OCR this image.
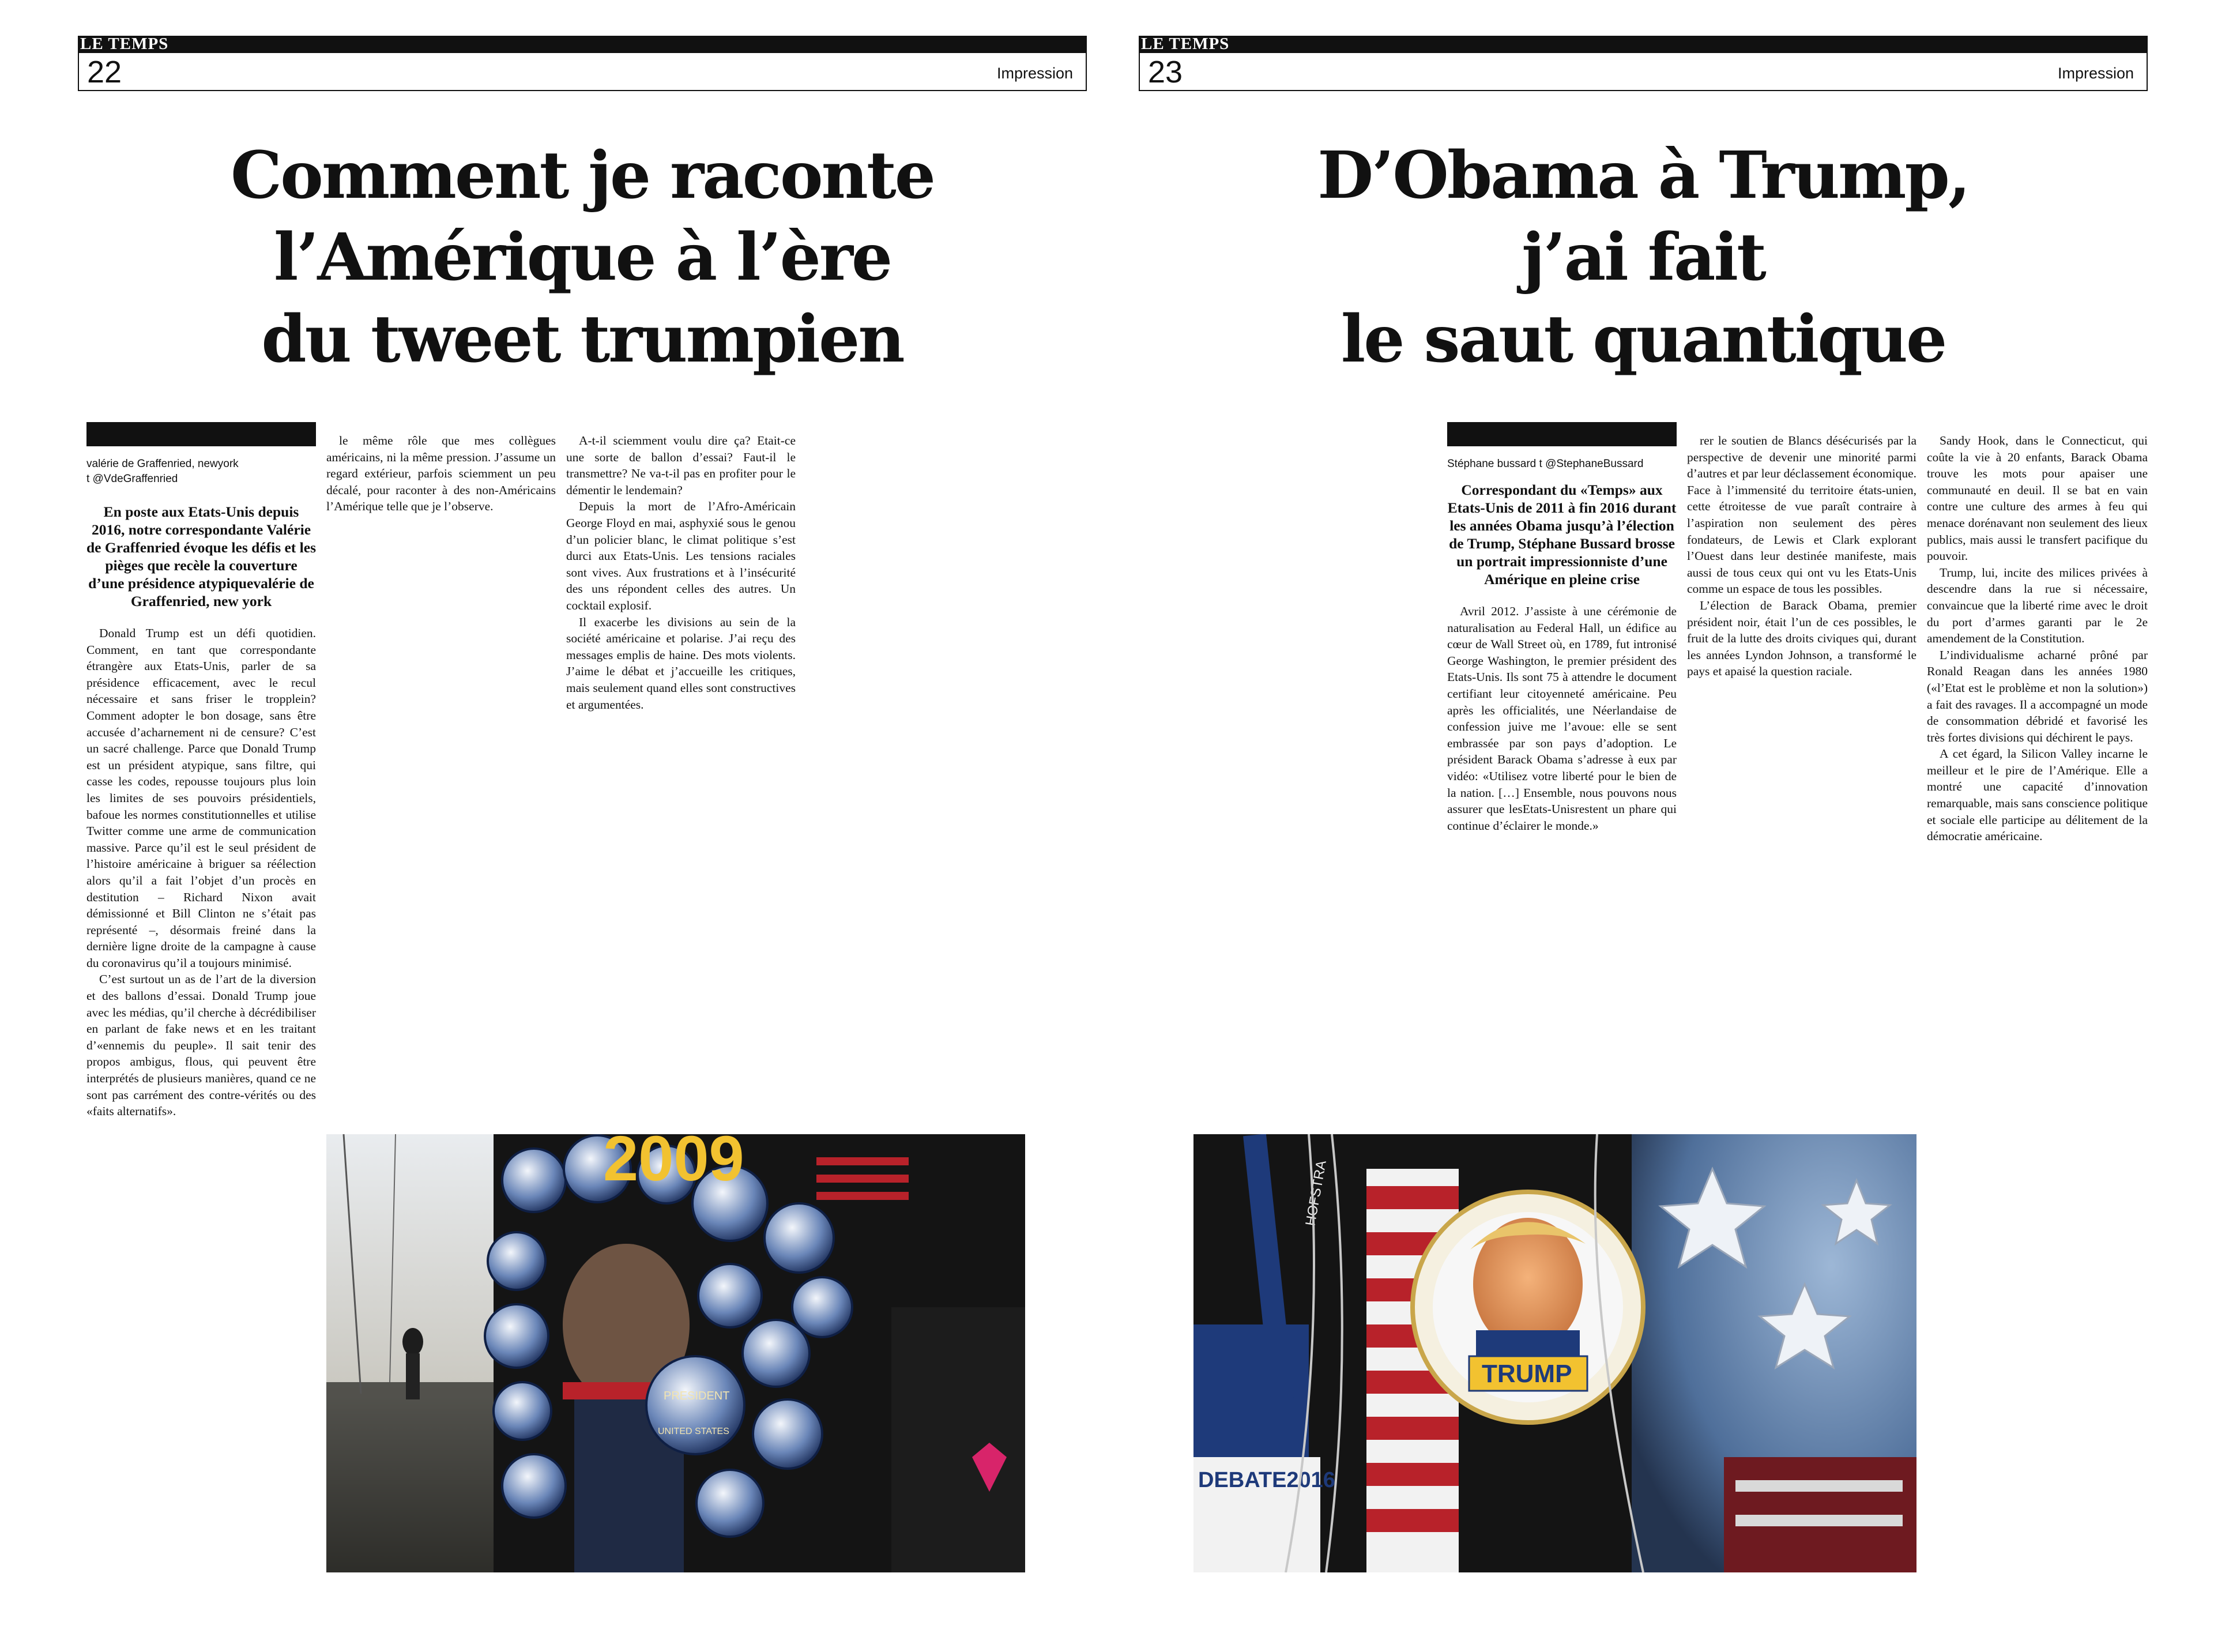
LE TEMPS
22	Impression
Comment je raconte
l’Amérique à l’ère
du tweet trumpien
valérie de Graffenried, newyork
t @VdeGraffenried
En poste aux Etats-Unis depuis 2016, notre correspondante Valérie de Graffenried évoque les défis et les pièges que recèle la couverture d’une présidence atypiquevalérie de Graffenried, new york

Donald Trump est un défi quotidien. Comment, en tant que correspondante étrangère aux Etats-Unis, parler de sa présidence efficacement, avec le recul nécessaire et sans friser le tropplein? Comment adopter le bon dosage, sans être accusée d’acharnement ni de censure? C’est un sacré challenge. Parce que Donald Trump est un président atypique, sans filtre, qui casse les codes, repousse toujours plus loin les limites de ses pouvoirs présidentiels, bafoue les normes constitutionnelles et utilise Twitter comme une arme de communication massive. Parce qu’il est le seul président de l’histoire américaine à briguer sa réélection alors qu’il a fait l’objet d’un procès en destitution – Richard Nixon avait démissionné et Bill Clinton ne s’était pas représenté –, désormais freiné dans la dernière ligne droite de la campagne à cause du coronavirus qu’il a toujours minimisé.

C’est surtout un as de l’art de la diversion et des ballons d’essai. Donald Trump joue avec les médias, qu’il cherche à décrédibiliser en parlant de fake news et en les traitant d’«ennemis du peuple». Il sait tenir des propos ambigus, flous, qui peuvent être interprétés de plusieurs manières, quand ce ne sont pas carrément des contre-vérités ou des «faits alternatifs».

le même rôle que mes collègues américains, ni la même pression. J’assume un regard extérieur, parfois sciemment un peu décalé, pour raconter à des non-Américains l’Amérique telle que je l’observe.

A-t-il sciemment voulu dire ça? Etait-ce une sorte de ballon d’essai? Faut-il le transmettre? Ne va-t-il pas en profiter pour le démentir le lendemain?

Depuis la mort de l’Afro-Américain George Floyd en mai, asphyxié sous le genou d’un policier blanc, le climat politique s’est durci aux Etats-Unis. Les tensions raciales sont vives. Aux frustrations et à l’insécurité des uns répondent celles des autres. Un cocktail explosif.

Il exacerbe les divisions au sein de la société américaine et polarise. J’ai reçu des messages emplis de haine. Des mots violents. J’aime le débat et j’accueille les critiques, mais seulement quand elles sont constructives et argumentées.

2009
PRESIDENT
UNITED STATES
LE TEMPS
23	Impression
D’Obama à Trump,
j’ai fait
le saut quantique
Stéphane bussard t @StephaneBussard
Correspondant du «Temps» aux Etats-Unis de 2011 à fin 2016 durant les années Obama jusqu’à l’élection de Trump, Stéphane Bussard brosse un portrait impressionniste d’une Amérique en pleine crise

Avril 2012. J’assiste à une cérémonie de naturalisation au Federal Hall, un édifice au cœur de Wall Street où, en 1789, fut intronisé George Washington, le premier président des Etats-Unis. Ils sont 75 à attendre le document certifiant leur citoyenneté américaine. Peu après les officialités, une Néerlandaise de confession juive me l’avoue: elle se sent embrassée par son pays d’adoption. Le président Barack Obama s’adresse à eux par vidéo: «Utilisez votre liberté pour le bien de la nation. […] Ensemble, nous pouvons nous assurer que lesEtats-Unisrestent un phare qui continue d’éclairer le monde.»

rer le soutien de Blancs désécurisés par la perspective de devenir une minorité parmi d’autres et par leur déclassement économique. Face à l’immensité du territoire états-unien, cette étroitesse de vue paraît contraire à l’aspiration non seulement des pères fondateurs, de Lewis et Clark explorant l’Ouest dans leur destinée manifeste, mais aussi de tous ceux qui ont vu les Etats-Unis comme un espace de tous les possibles.

L’élection de Barack Obama, premier président noir, était l’un de ces possibles, le fruit de la lutte des droits civiques qui, durant les années Lyndon Johnson, a transformé le pays et apaisé la question raciale.

Sandy Hook, dans le Connecticut, qui coûte la vie à 20 enfants, Barack Obama trouve les mots pour apaiser une communauté en deuil. Il se bat en vain contre une culture des armes à feu qui menace dorénavant non seulement des lieux publics, mais aussi le transfert pacifique du pouvoir.

Trump, lui, incite des milices privées à descendre dans la rue si nécessaire, convaincue que la liberté rime avec le droit du port d’armes garanti par le 2e amendement de la Constitution.

L’individualisme acharné prôné par Ronald Reagan dans les années 1980 («l’Etat est le problème et non la solution») a fait des ravages. Il a accompagné un mode de consommation débridé et favorisé les très fortes divisions qui déchirent le pays.

A cet égard, la Silicon Valley incarne le meilleur et le pire de l’Amérique. Elle a montré une capacité d’innovation remarquable, mais sans conscience politique et sociale elle participe au délitement de la démocratie américaine.

TRUMP
DEBATE2016
HOFSTRA
